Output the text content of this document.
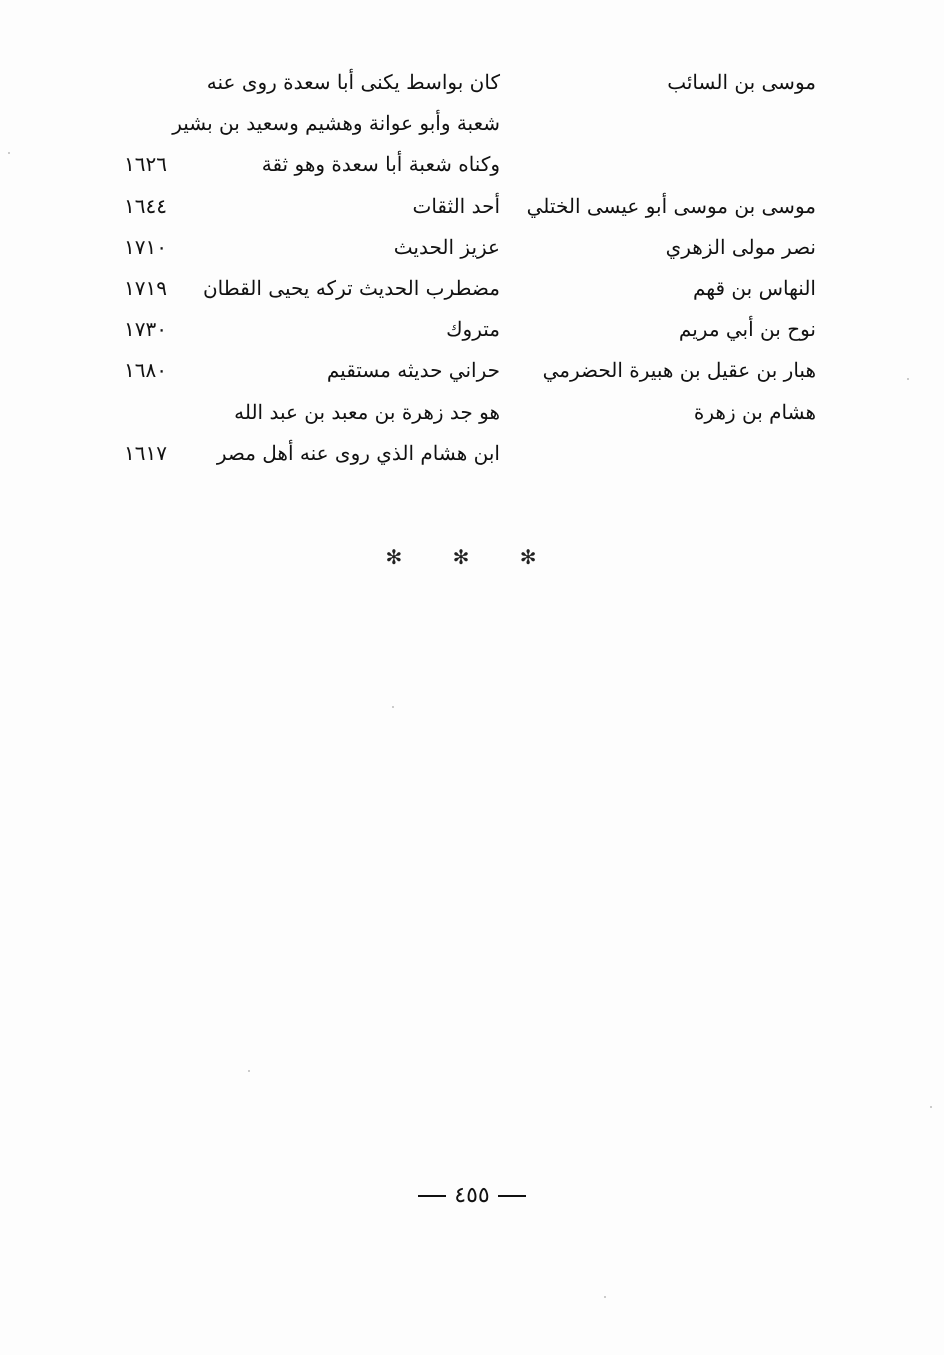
موسى بن السائب
كان بواسط يكنى أبا سعدة روى عنه
شعبة وأبو عوانة وهشيم وسعيد بن بشير
وكناه شعبة أبا سعدة وهو ثقة
١٦٢٦
موسى بن موسى أبو عيسى الختلي
أحد الثقات
١٦٤٤
نصر مولى الزهري
عزيز الحديث
١٧١٠
النهاس بن قهم
مضطرب الحديث تركه يحيى القطان
١٧١٩
نوح بن أبي مريم
متروك
١٧٣٠
هبار بن عقيل بن هبيرة الحضرمي
حراني حديثه مستقيم
١٦٨٠
هشام بن زهرة
هو جد زهرة بن معبد بن عبد الله
ابن هشام الذي روى عنه أهل مصر
١٦١٧
✻ ✻ ✻
٤٥٥
